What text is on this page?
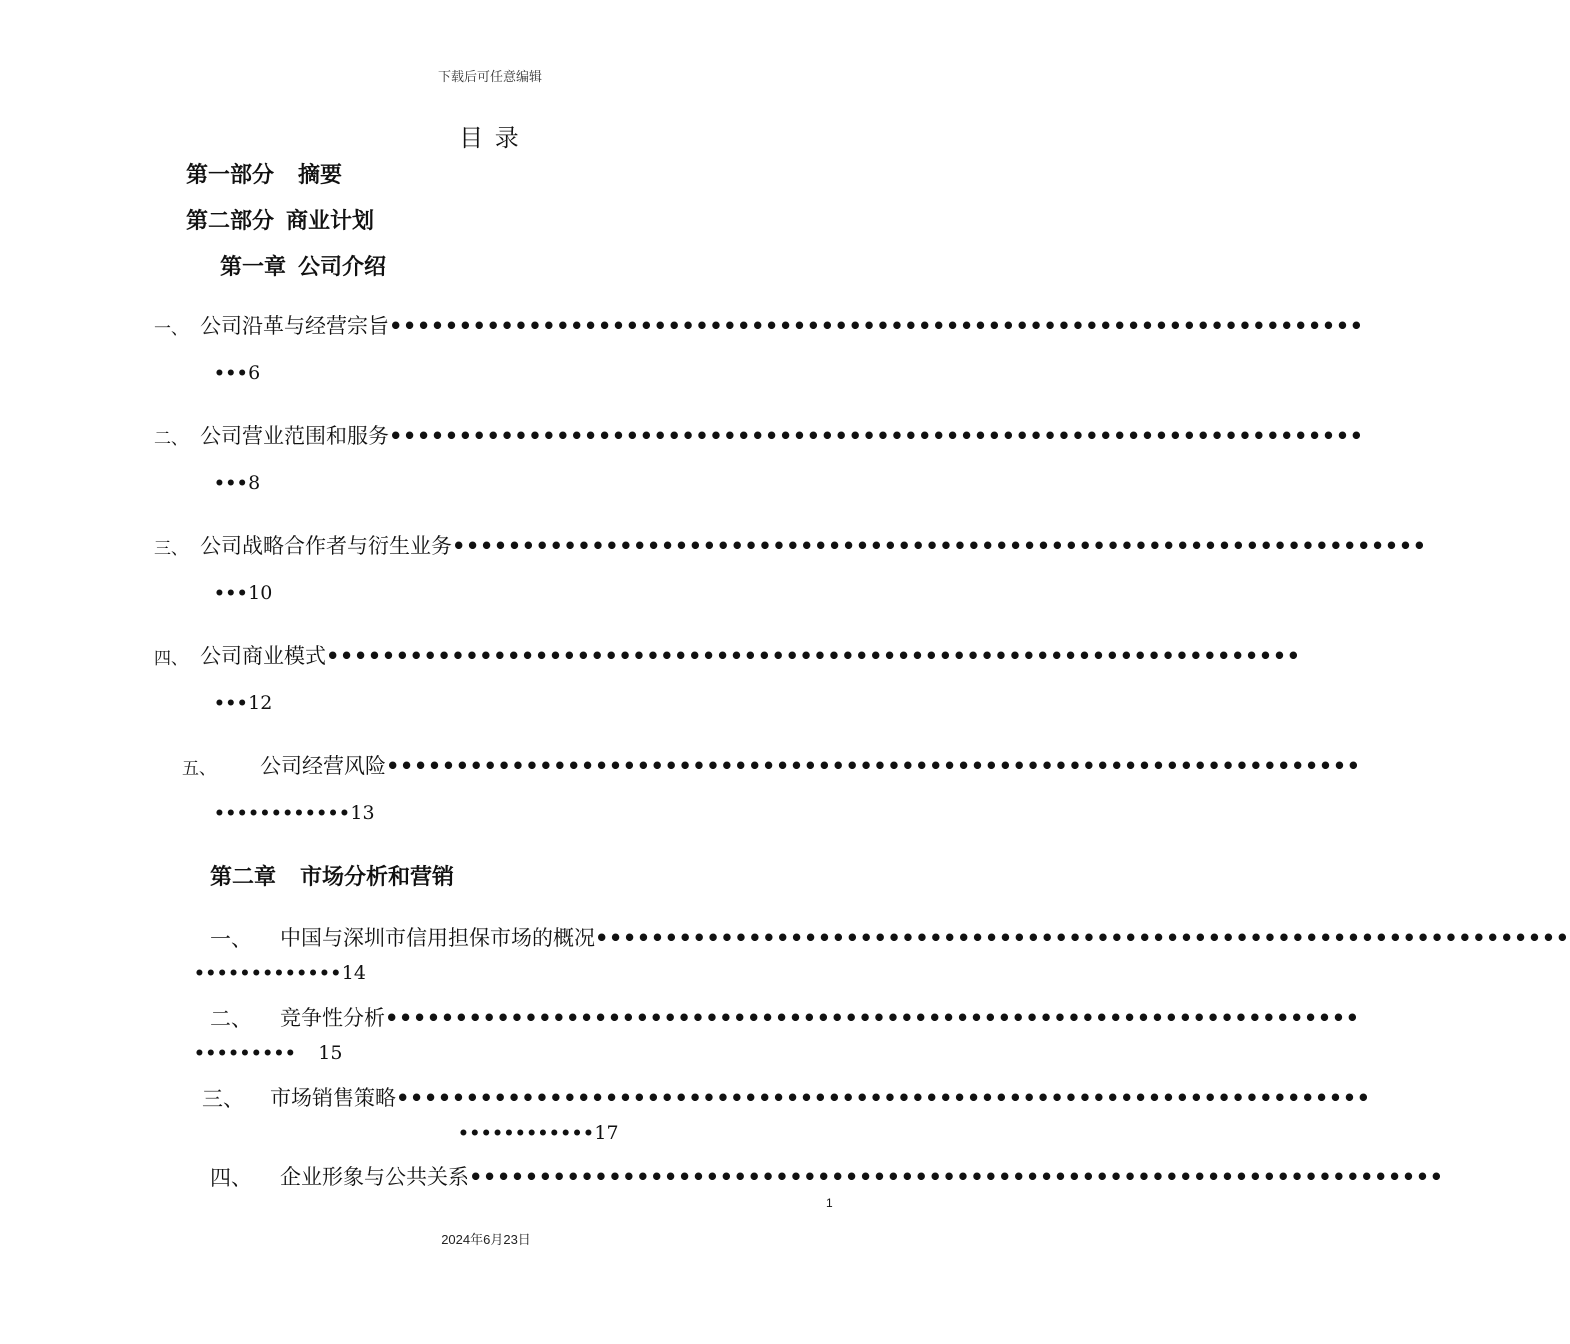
下载后可任意编辑
目 录
第一部分 摘要
第二部分 商业计划
第一章 公司介绍
一、 公司沿革与经营宗旨••••••••••••••••••••••••••••••••••••••••••••••••••••••••••••••••••••••
•••6
二、 公司营业范围和服务••••••••••••••••••••••••••••••••••••••••••••••••••••••••••••••••••••••
•••8
三、 公司战略合作者与衍生业务••••••••••••••••••••••••••••••••••••••••••••••••••••••••••••••••••••••
•••10
四、 公司商业模式••••••••••••••••••••••••••••••••••••••••••••••••••••••••••••••••••••••
•••12
五、 公司经营风险••••••••••••••••••••••••••••••••••••••••••••••••••••••••••••••••••••••
••••••••••••13
第二章 市场分析和营销
一、 中国与深圳市信用担保市场的概况••••••••••••••••••••••••••••••••••••••••••••••••••••••••••••••••••••••
•••••••••••••14
二、 竞争性分析••••••••••••••••••••••••••••••••••••••••••••••••••••••••••••••••••••••
••••••••• 15
三、 市场销售策略••••••••••••••••••••••••••••••••••••••••••••••••••••••••••••••••••••••
••••••••••••17
四、 企业形象与公共关系••••••••••••••••••••••••••••••••••••••••••••••••••••••••••••••••••••••
1
2024年6月23日
